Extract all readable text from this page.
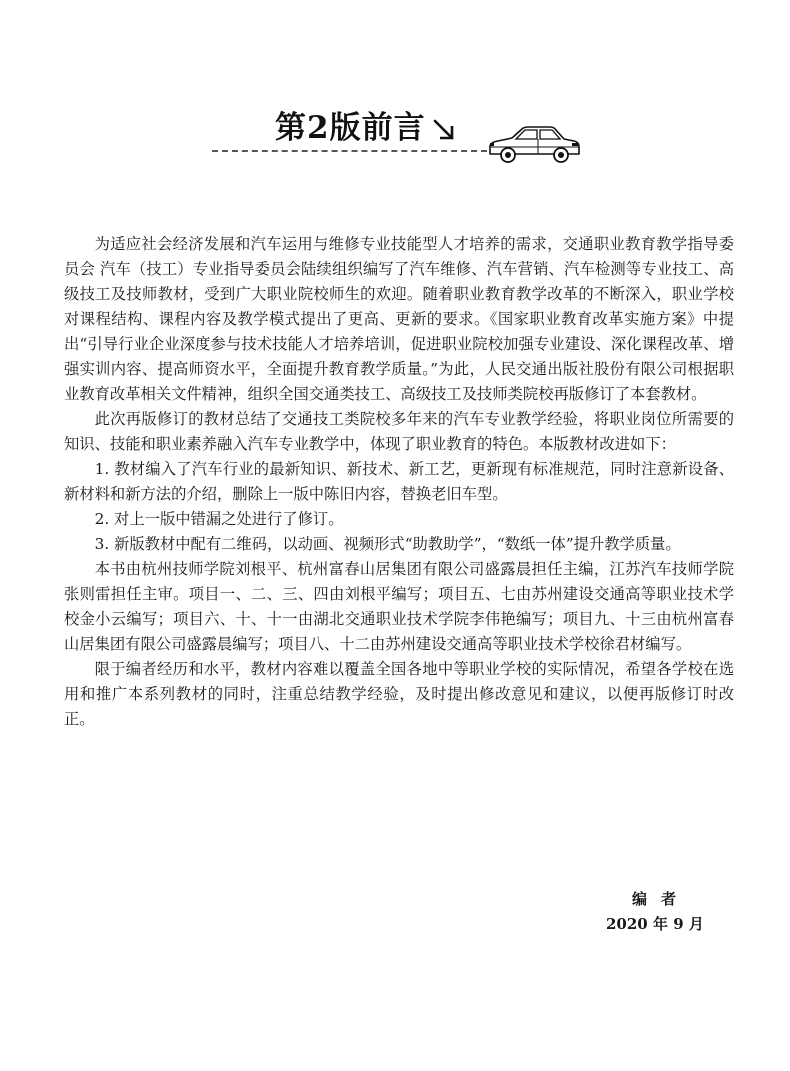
第2版前言

为适应社会经济发展和汽车运用与维修专业技能型人才培养的需求，交通职业教育教学指导委员会 汽车（技工）专业指导委员会陆续组织编写了汽车维修、汽车营销、汽车检测等专业技工、高级技工及技师教材，受到广大职业院校师生的欢迎。随着职业教育教学改革的不断深入，职业学校对课程结构、课程内容及教学模式提出了更高、更新的要求。《国家职业教育改革实施方案》中提出“引导行业企业深度参与技术技能人才培养培训，促进职业院校加强专业建设、深化课程改革、增强实训内容、提高师资水平，全面提升教育教学质量。”为此，人民交通出版社股份有限公司根据职业教育改革相关文件精神，组织全国交通类技工、高级技工及技师类院校再版修订了本套教材。

此次再版修订的教材总结了交通技工类院校多年来的汽车专业教学经验，将职业岗位所需要的知识、技能和职业素养融入汽车专业教学中，体现了职业教育的特色。本版教材改进如下：

1. 教材编入了汽车行业的最新知识、新技术、新工艺，更新现有标准规范，同时注意新设备、新材料和新方法的介绍，删除上一版中陈旧内容，替换老旧车型。

2. 对上一版中错漏之处进行了修订。

3. 新版教材中配有二维码，以动画、视频形式“助教助学”，“数纸一体”提升教学质量。

本书由杭州技师学院刘根平、杭州富春山居集团有限公司盛露晨担任主编，江苏汽车技师学院张则雷担任主审。项目一、二、三、四由刘根平编写；项目五、七由苏州建设交通高等职业技术学校金小云编写；项目六、十、十一由湖北交通职业技术学院李伟艳编写；项目九、十三由杭州富春山居集团有限公司盛露晨编写；项目八、十二由苏州建设交通高等职业技术学校徐君材编写。

限于编者经历和水平，教材内容难以覆盖全国各地中等职业学校的实际情况，希望各学校在选用和推广本系列教材的同时，注重总结教学经验，及时提出修改意见和建议，以便再版修订时改正。

编者
2020 年 9 月
